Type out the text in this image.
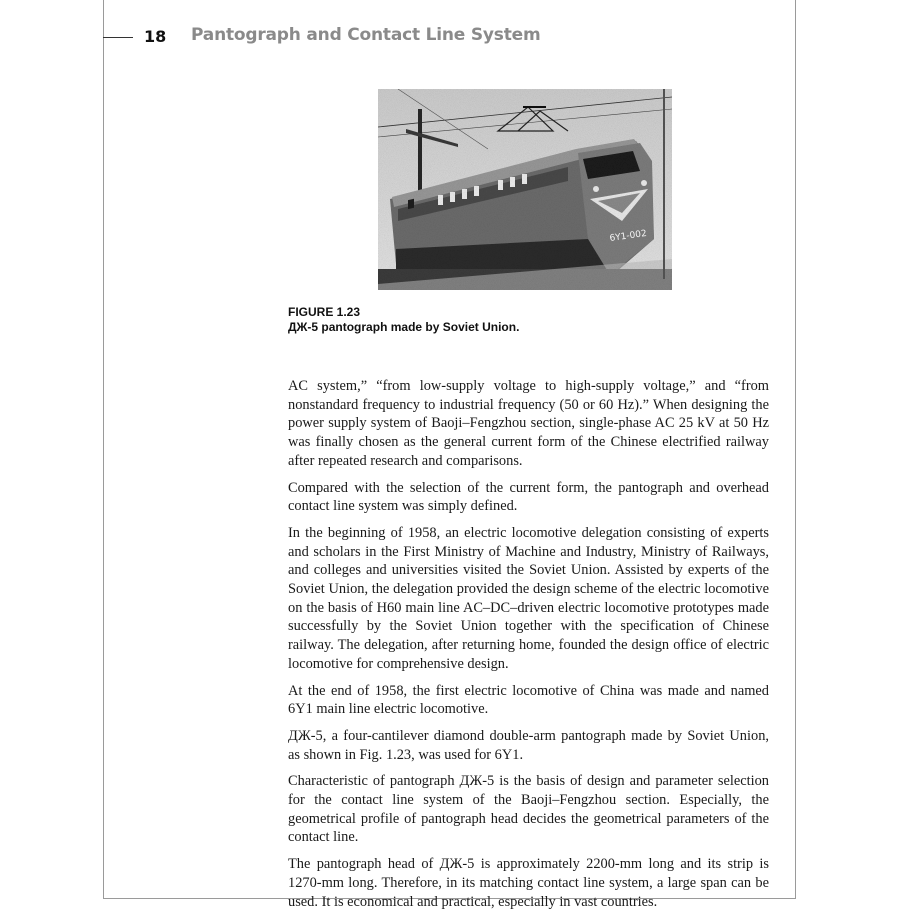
18 Pantograph and Contact Line System
6Y1-002
FIGURE 1.23
ДЖ-5 pantograph made by Soviet Union.

AC system,” “from low-supply voltage to high-supply voltage,” and “from nonstandard frequency to industrial frequency (50 or 60 Hz).” When designing the power supply system of Baoji–Fengzhou section, single-phase AC 25 kV at 50 Hz was finally chosen as the general current form of the Chinese electrified railway after repeated research and comparisons.

Compared with the selection of the current form, the pantograph and overhead contact line system was simply defined.

In the beginning of 1958, an electric locomotive delegation consisting of experts and scholars in the First Ministry of Machine and Industry, Ministry of Railways, and colleges and universities visited the Soviet Union. Assisted by experts of the Soviet Union, the delegation provided the design scheme of the electric locomotive on the basis of H60 main line AC–DC–driven electric locomotive prototypes made successfully by the Soviet Union together with the specification of Chinese railway. The delegation, after returning home, founded the design office of electric locomotive for comprehensive design.

At the end of 1958, the first electric locomotive of China was made and named 6Y1 main line electric locomotive.

ДЖ-5, a four-cantilever diamond double-arm pantograph made by Soviet Union, as shown in Fig. 1.23, was used for 6Y1.

Characteristic of pantograph ДЖ-5 is the basis of design and parameter selection for the contact line system of the Baoji–Fengzhou section. Especially, the geometrical profile of pantograph head decides the geometrical parameters of the contact line.

The pantograph head of ДЖ-5 is approximately 2200-mm long and its strip is 1270-mm long. Therefore, in its matching contact line system, a large span can be used. It is economical and practical, especially in vast countries.
